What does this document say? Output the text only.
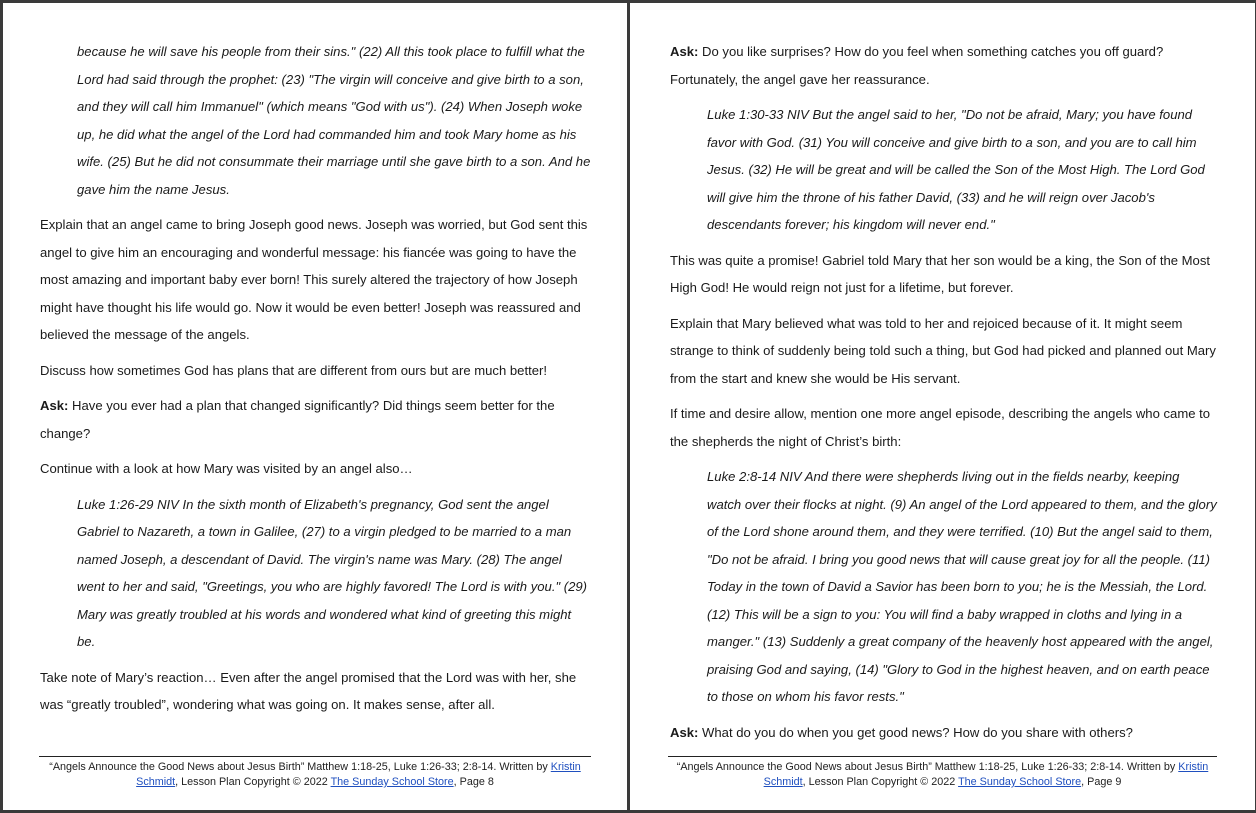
because he will save his people from their sins." (22) All this took place to fulfill what the Lord had said through the prophet: (23) "The virgin will conceive and give birth to a son, and they will call him Immanuel" (which means "God with us"). (24) When Joseph woke up, he did what the angel of the Lord had commanded him and took Mary home as his wife. (25) But he did not consummate their marriage until she gave birth to a son. And he gave him the name Jesus.

Explain that an angel came to bring Joseph good news. Joseph was worried, but God sent this angel to give him an encouraging and wonderful message: his fiancée was going to have the most amazing and important baby ever born! This surely altered the trajectory of how Joseph might have thought his life would go. Now it would be even better! Joseph was reassured and believed the message of the angels.

Discuss how sometimes God has plans that are different from ours but are much better!

Ask: Have you ever had a plan that changed significantly? Did things seem better for the change?

Continue with a look at how Mary was visited by an angel also…

Luke 1:26-29 NIV In the sixth month of Elizabeth's pregnancy, God sent the angel Gabriel to Nazareth, a town in Galilee, (27) to a virgin pledged to be married to a man named Joseph, a descendant of David. The virgin's name was Mary. (28) The angel went to her and said, "Greetings, you who are highly favored! The Lord is with you." (29) Mary was greatly troubled at his words and wondered what kind of greeting this might be.

Take note of Mary’s reaction… Even after the angel promised that the Lord was with her, she was “greatly troubled”, wondering what was going on. It makes sense, after all.

“Angels Announce the Good News about Jesus Birth” Matthew 1:18-25, Luke 1:26-33; 2:8-14. Written by Kristin Schmidt, Lesson Plan Copyright © 2022 The Sunday School Store, Page 8

Ask: Do you like surprises? How do you feel when something catches you off guard? Fortunately, the angel gave her reassurance.

Luke 1:30-33 NIV But the angel said to her, "Do not be afraid, Mary; you have found favor with God. (31) You will conceive and give birth to a son, and you are to call him Jesus. (32) He will be great and will be called the Son of the Most High. The Lord God will give him the throne of his father David, (33) and he will reign over Jacob's descendants forever; his kingdom will never end."

This was quite a promise! Gabriel told Mary that her son would be a king, the Son of the Most High God! He would reign not just for a lifetime, but forever.

Explain that Mary believed what was told to her and rejoiced because of it. It might seem strange to think of suddenly being told such a thing, but God had picked and planned out Mary from the start and knew she would be His servant.

If time and desire allow, mention one more angel episode, describing the angels who came to the shepherds the night of Christ’s birth:

Luke 2:8-14 NIV And there were shepherds living out in the fields nearby, keeping watch over their flocks at night. (9) An angel of the Lord appeared to them, and the glory of the Lord shone around them, and they were terrified. (10) But the angel said to them, "Do not be afraid. I bring you good news that will cause great joy for all the people. (11) Today in the town of David a Savior has been born to you; he is the Messiah, the Lord. (12) This will be a sign to you: You will find a baby wrapped in cloths and lying in a manger." (13) Suddenly a great company of the heavenly host appeared with the angel, praising God and saying, (14) "Glory to God in the highest heaven, and on earth peace to those on whom his favor rests."

Ask: What do you do when you get good news? How do you share with others?

“Angels Announce the Good News about Jesus Birth” Matthew 1:18-25, Luke 1:26-33; 2:8-14. Written by Kristin Schmidt, Lesson Plan Copyright © 2022 The Sunday School Store, Page 9
